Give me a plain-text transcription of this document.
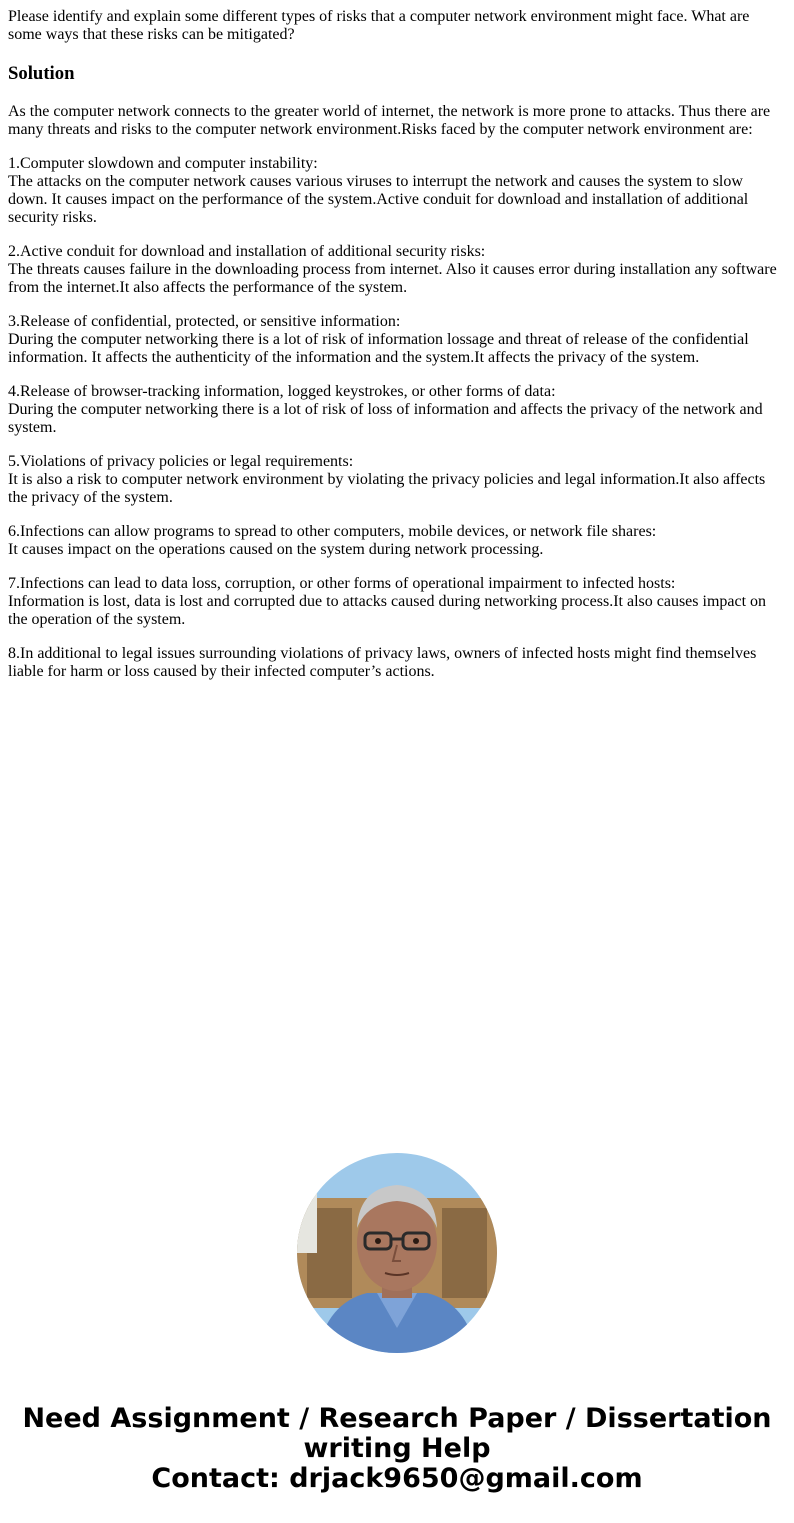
Please identify and explain some different types of risks that a computer network environment might face. What are some ways that these risks can be mitigated?

Solution

As the computer network connects to the greater world of internet, the network is more prone to attacks. Thus there are many threats and risks to the computer network environment.Risks faced by the computer network environment are:

1.Computer slowdown and computer instability:
The attacks on the computer network causes various viruses to interrupt the network and causes the system to slow down. It causes impact on the performance of the system.Active conduit for download and installation of additional security risks.
2.Active conduit for download and installation of additional security risks:
The threats causes failure in the downloading process from internet. Also it causes error during installation any software from the internet.It also affects the performance of the system.
3.Release of confidential, protected, or sensitive information:
During the computer networking there is a lot of risk of information lossage and threat of release of the confidential information. It affects the authenticity of the information and the system.It affects the privacy of the system.
4.Release of browser-tracking information, logged keystrokes, or other forms of data:
During the computer networking there is a lot of risk of loss of information and affects the privacy of the network and system.
5.Violations of privacy policies or legal requirements:
It is also a risk to computer network environment by violating the privacy policies and legal information.It also affects the privacy of the system.
6.Infections can allow programs to spread to other computers, mobile devices, or network file shares:
It causes impact on the operations caused on the system during network processing.
7.Infections can lead to data loss, corruption, or other forms of operational impairment to infected hosts:
Information is lost, data is lost and corrupted due to attacks caused during networking process.It also causes impact on the operation of the system.
8.In additional to legal issues surrounding violations of privacy laws, owners of infected hosts might find themselves liable for harm or loss caused by their infected computer’s actions.
Need Assignment / Research Paper / Dissertation
writing Help
Contact: drjack9650@gmail.com
